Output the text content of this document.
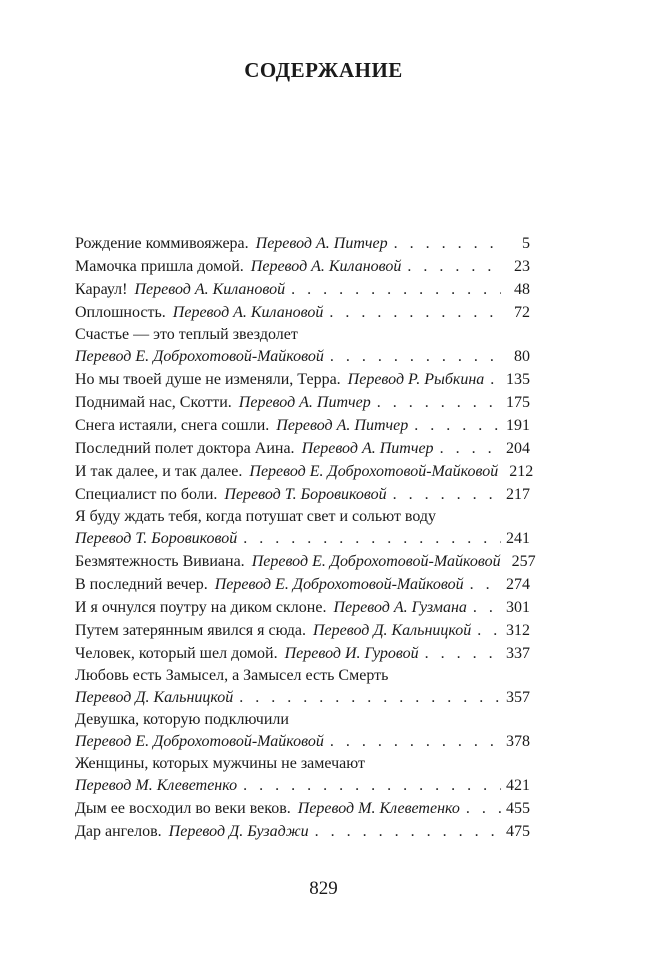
СОДЕРЖАНИЕ
Рождение коммивояжера. Перевод А. Питчер . . .	5
Мамочка пришла домой. Перевод А. Килановой . . .	23
Караул! Перевод А. Килановой . . .	48
Оплошность. Перевод А. Килановой . . .	72
Счастье — это теплый звездолет
Перевод Е. Доброхотовой-Майковой . . .	80
Но мы твоей душе не изменяли, Терра. Перевод Р. Рыбкина . . . 135
Поднимай нас, Скотти. Перевод А. Питчер . . .	175
Снега истаяли, снега сошли. Перевод А. Питчер . . .	191
Последний полет доктора Аина. Перевод А. Питчер . . .	204
И так далее, и так далее. Перевод Е. Доброхотовой-Майковой 212
Специалист по боли. Перевод Т. Боровиковой . . .	217
Я буду ждать тебя, когда потушат свет и сольют воду
Перевод Т. Боровиковой . . .	241
Безмятежность Вивиана. Перевод Е. Доброхотовой-Майковой 257
В последний вечер. Перевод Е. Доброхотовой-Майковой . . .	274
И я очнулся поутру на диком склоне. Перевод А. Гузмана . . . 301
Путем затерянным явился я сюда. Перевод Д. Кальницкой . . . 312
Человек, который шел домой. Перевод И. Гуровой . . .	337
Любовь есть Замысел, а Замысел есть Смерть
Перевод Д. Кальницкой . . .	357
Девушка, которую подключили
Перевод Е. Доброхотовой-Майковой . . .	378
Женщины, которых мужчины не замечают
Перевод М. Клеветенко . . .	421
Дым ее восходил во веки веков. Перевод М. Клеветенко . . .	455
Дар ангелов. Перевод Д. Бузаджи . . .	475
829
